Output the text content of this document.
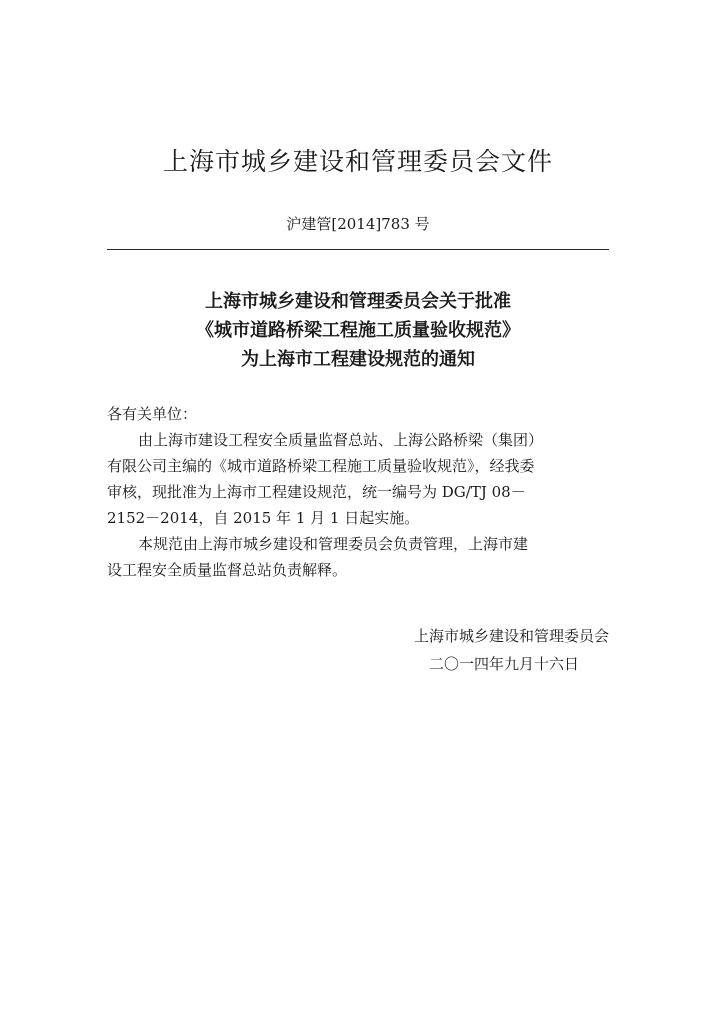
上海市城乡建设和管理委员会文件
沪建管[2014]783 号
上海市城乡建设和管理委员会关于批准
《城市道路桥梁工程施工质量验收规范》
为上海市工程建设规范的通知

各有关单位：

由上海市建设工程安全质量监督总站、上海公路桥梁（集团）

有限公司主编的《城市道路桥梁工程施工质量验收规范》，经我委

审核，现批准为上海市工程建设规范，统一编号为 DG/TJ 08－

2152－2014，自 2015 年 1 月 1 日起实施。

本规范由上海市城乡建设和管理委员会负责管理，上海市建

设工程安全质量监督总站负责解释。

上海市城乡建设和管理委员会
二〇一四年九月十六日
